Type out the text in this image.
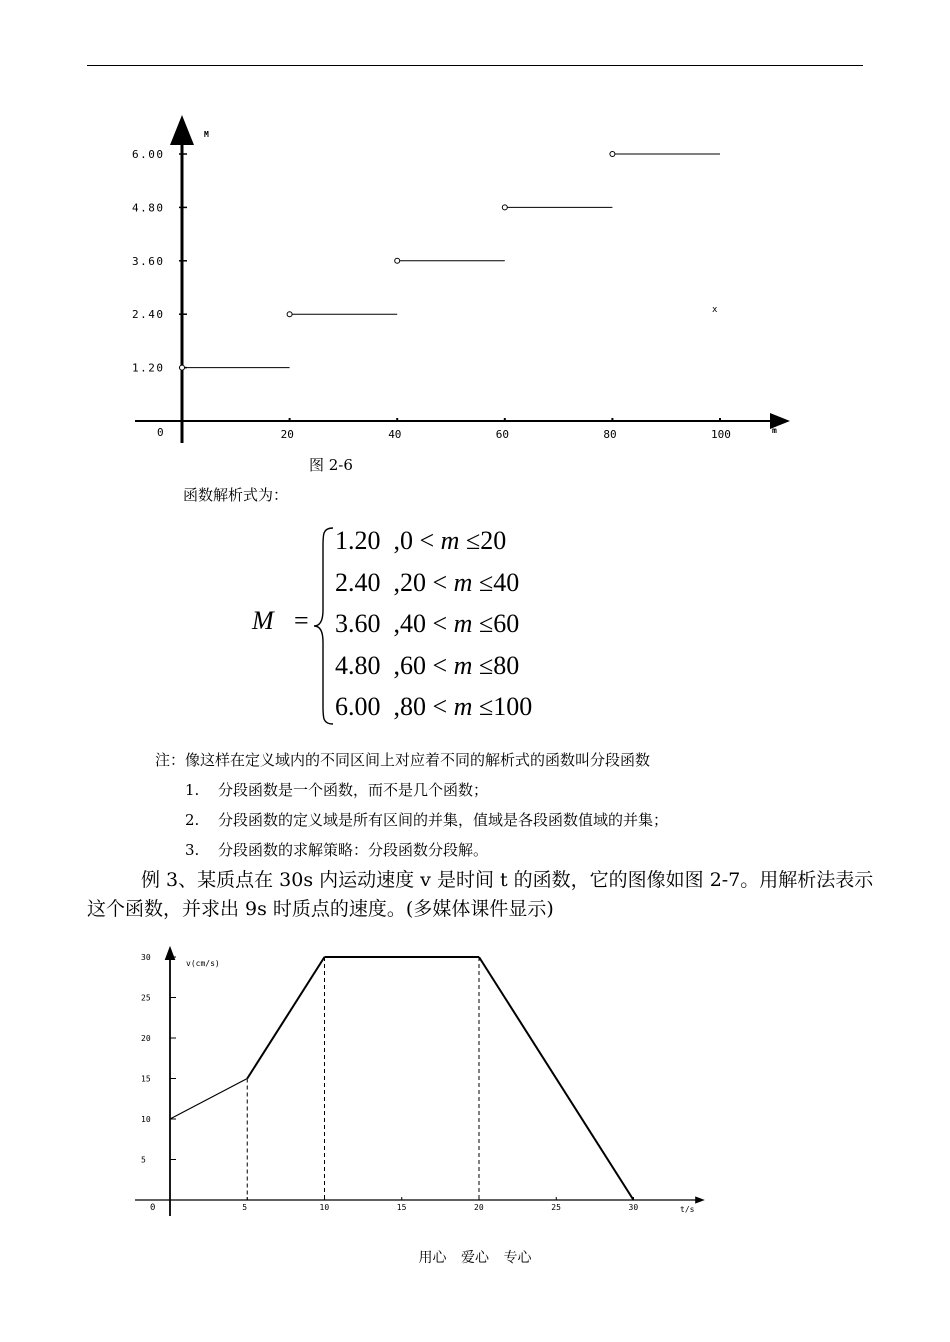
M
m
x
0	20	40	60	80	100
1.20
2.40
3.60
4.80
6.00
图 2-6
函数解析式为：
M =
1.20 ,0 < m ≤20
2.40 ,20 < m ≤40
3.60 ,40 < m ≤60
4.80 ,60 < m ≤80
6.00 ,80 < m ≤100
注：像这样在定义域内的不同区间上对应着不同的解析式的函数叫分段函数
1. 分段函数是一个函数，而不是几个函数；
2. 分段函数的定义域是所有区间的并集，值域是各段函数值域的并集；
3. 分段函数的求解策略：分段函数分段解。
例 3、某质点在 30s 内运动速度 v 是时间 t 的函数，它的图像如图 2-7。用解析法表示这个函数，并求出 9s 时质点的速度。(多媒体课件显示)
v(cm/s)
t/s
0	5	10	15	20	25	30
5
10
15
20
25
30
用心 爱心 专心
